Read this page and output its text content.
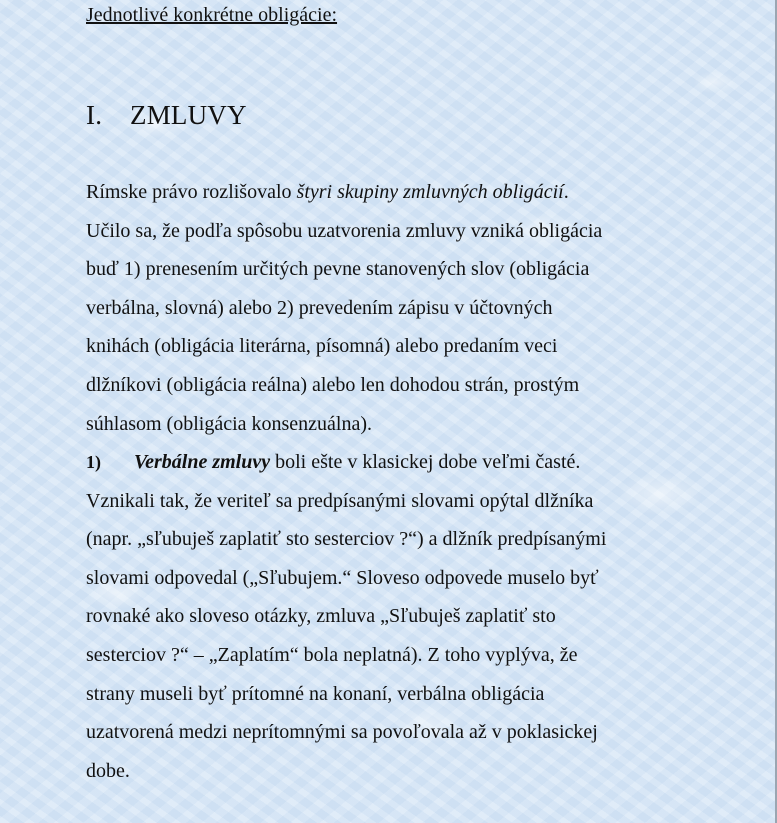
Jednotlivé konkrétne obligácie:
I. ZMLUVY
Rímske právo rozlišovalo štyri skupiny zmluvných obligácií.
Učilo sa, že podľa spôsobu uzatvorenia zmluvy vzniká obligácia
buď 1) prenesením určitých pevne stanovených slov (obligácia
verbálna, slovná) alebo 2) prevedením zápisu v účtovných
knihách (obligácia literárna, písomná) alebo predaním veci
dlžníkovi (obligácia reálna) alebo len dohodou strán, prostým
súhlasom (obligácia konsenzuálna).
1) Verbálne zmluvy boli ešte v klasickej dobe veľmi časté.
Vznikali tak, že veriteľ sa predpísanými slovami opýtal dlžníka
(napr. „sľubuješ zaplatiť sto sesterciov ?“) a dlžník predpísanými
slovami odpovedal („Sľubujem.“ Sloveso odpovede muselo byť
rovnaké ako sloveso otázky, zmluva „Sľubuješ zaplatiť sto
sesterciov ?“ – „Zaplatím“ bola neplatná). Z toho vyplýva, že
strany museli byť prítomné na konaní, verbálna obligácia
uzatvorená medzi neprítomnými sa povoľovala až v poklasickej
dobe.
